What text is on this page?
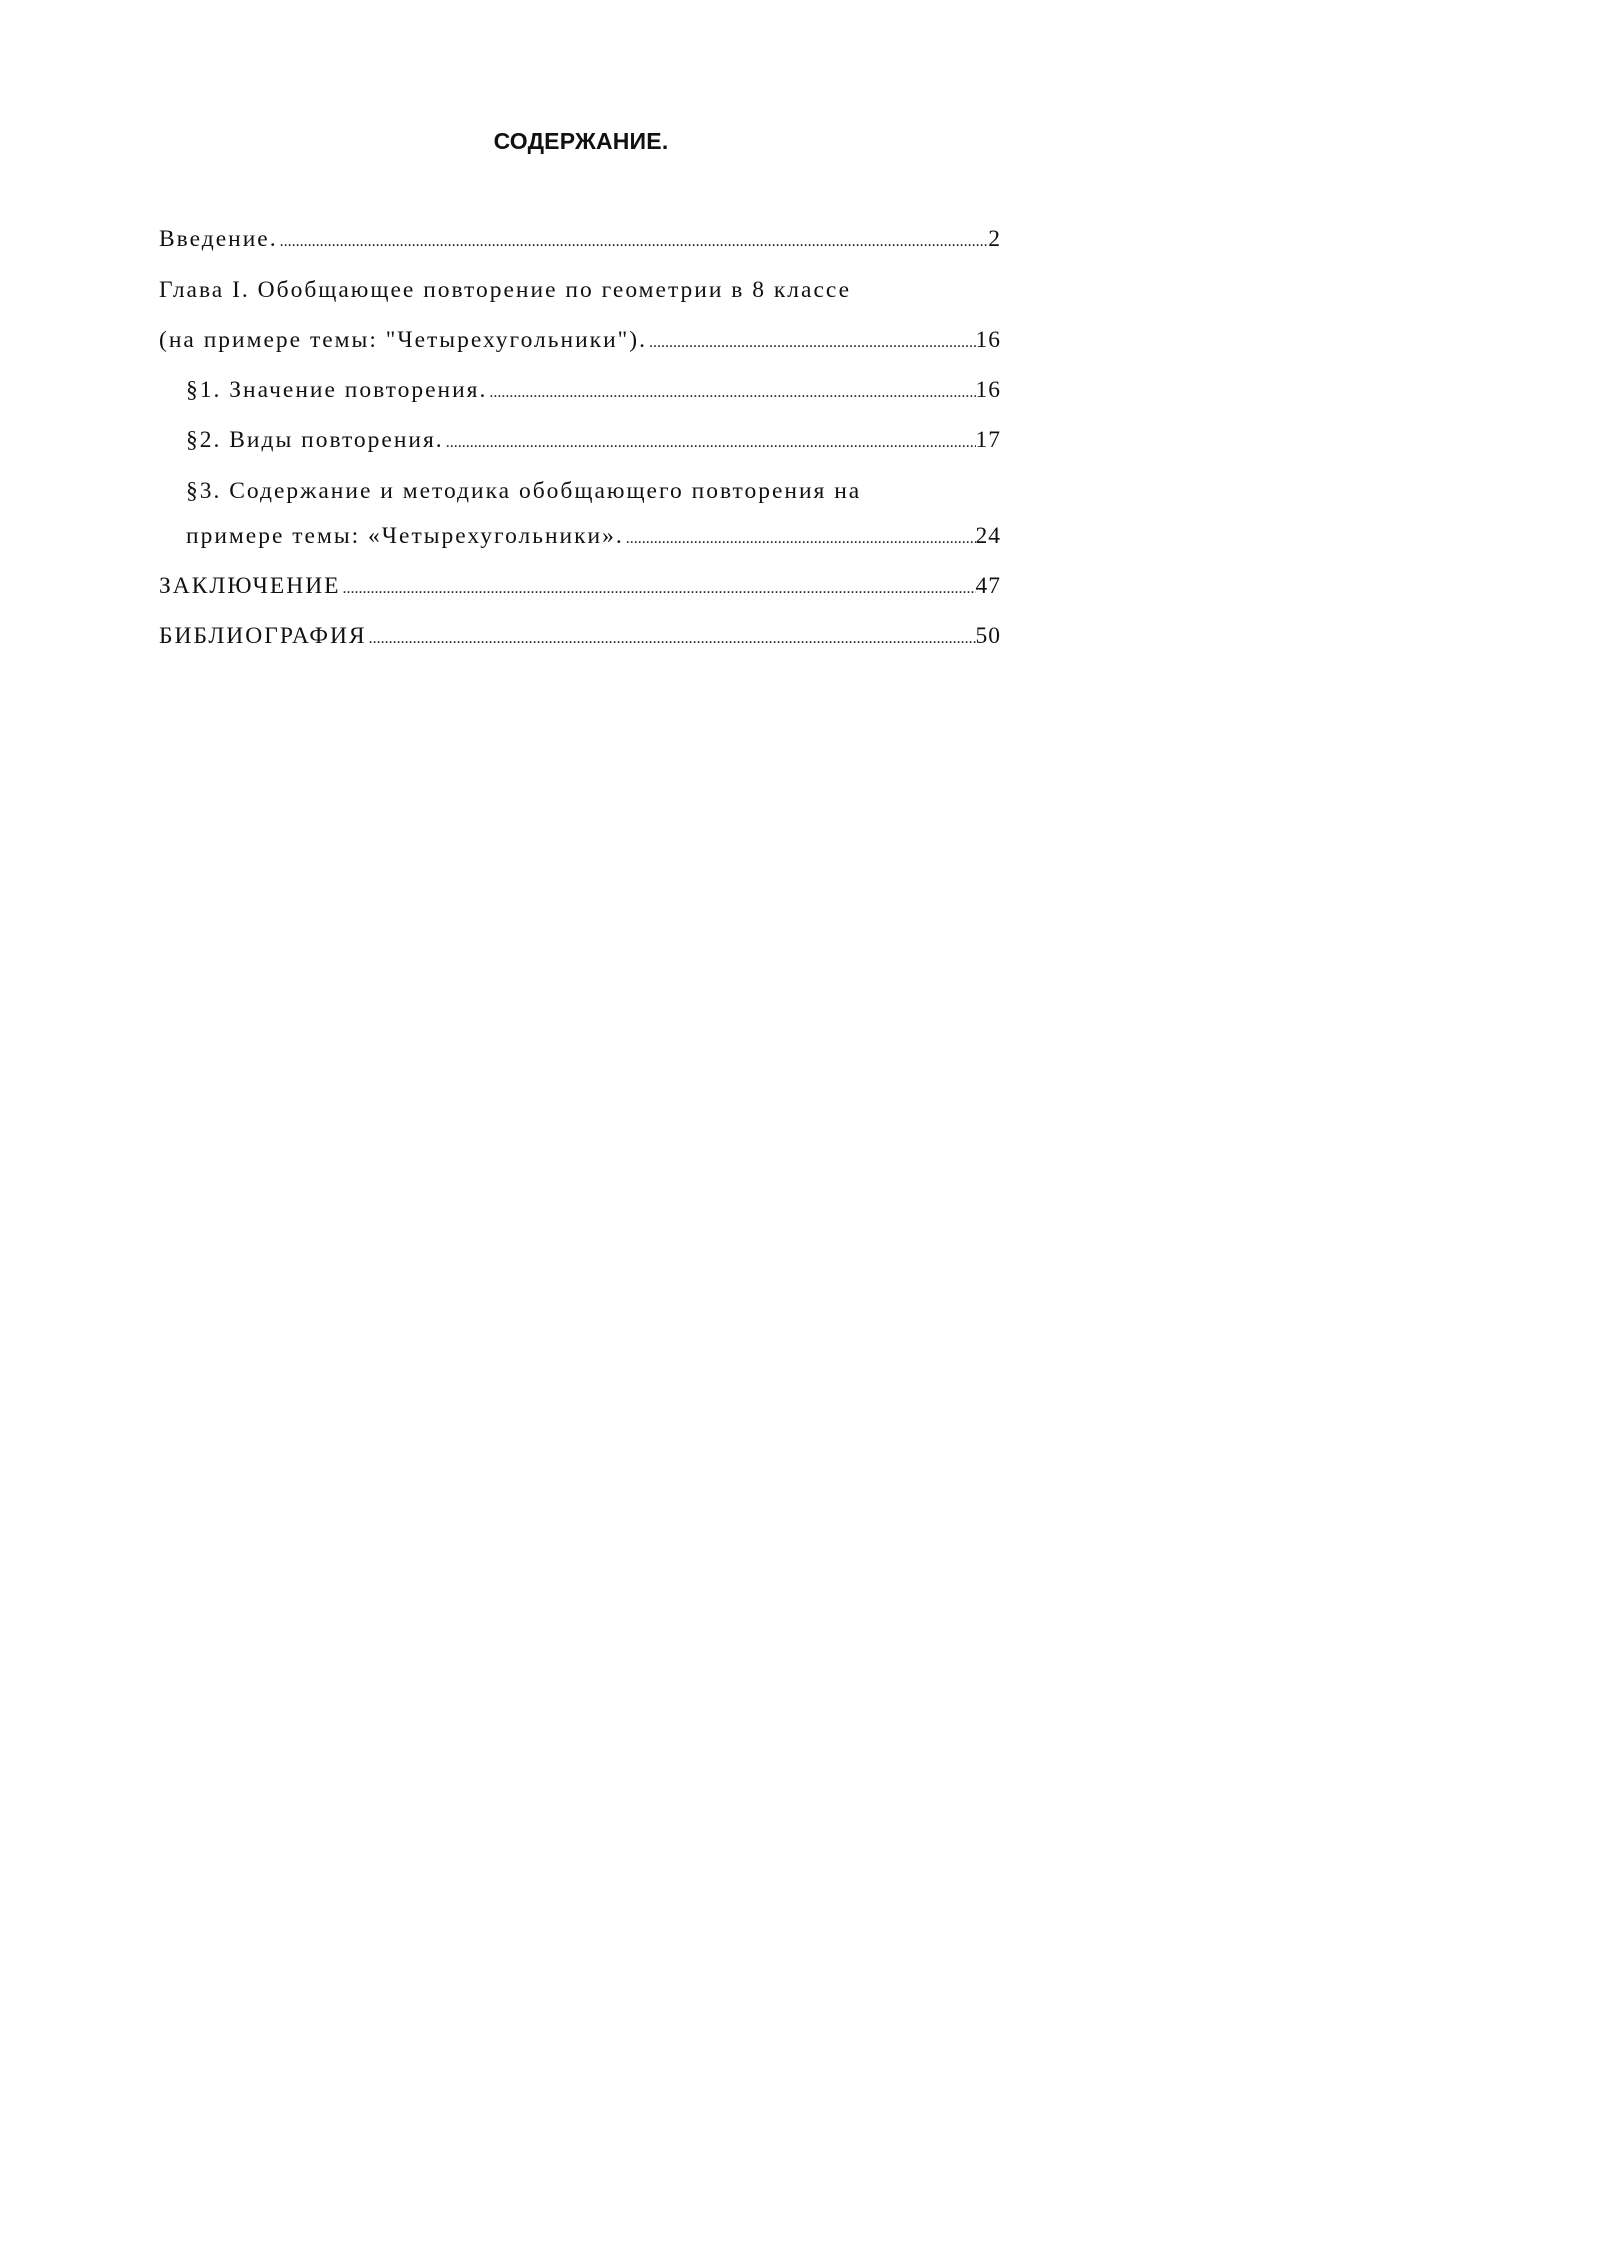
СОДЕРЖАНИЕ.
Введение. .....	2
Глава I. Обобщающее повторение по геометрии в 8 классе
(на примере темы: "Четырехугольники"). .....	16
§1. Значение повторения. .....	16
§2. Виды повторения. .....	17
§3. Содержание и методика обобщающего повторения на
примере темы: «Четырехугольники». .....	24
ЗАКЛЮЧЕНИЕ .....	47
БИБЛИОГРАФИЯ .....	50
